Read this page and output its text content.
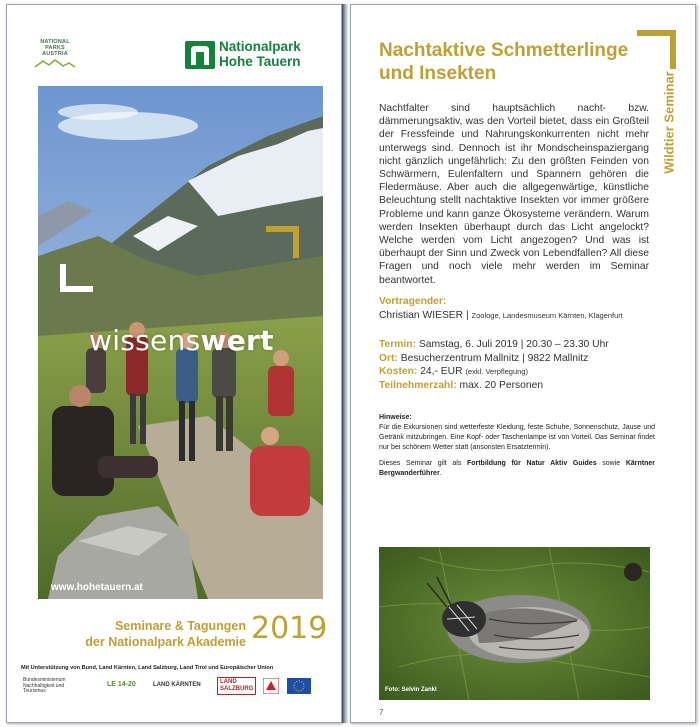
NATIONAL PARKS AUSTRIA	Nationalpark
Hohe Tauern
wissenswert
www.hohetauern.at
Seminare & Tagungen
der Nationalpark Akademie 2019
Mit Unterstützung von Bund, Land Kärnten, Land Salzburg, Land Tirol und Europäischer Union
Bundesministerium Nachhaltigkeit und Tourismus
LE 14-20	LAND KÄRNTEN	LAND
SALZBURG
Wildtier Seminar
Nachtaktive Schmetterlinge
und Insekten
Nachtfalter sind hauptsächlich nacht- bzw. dämmerungsaktiv, was den Vorteil bietet, dass ein Großteil der Fressfeinde und Nahrungskonkurrenten nicht mehr unterwegs sind. Dennoch ist ihr Mondscheinspaziergang nicht gänzlich ungefährlich: Zu den größten Feinden von Schwärmern, Eulenfaltern und Spannern gehören die Fledermäuse. Aber auch die allgegenwärtige, künstliche Beleuchtung stellt nachtaktive Insekten vor immer größere Probleme und kann ganze Ökosysteme verändern. Warum werden Insekten überhaupt durch das Licht angelockt? Welche werden vom Licht angezogen? Und was ist überhaupt der Sinn und Zweck von Lebendfallen? All diese Fragen und noch viele mehr werden im Seminar beantwortet.
Vortragender:
Christian WIESER | Zoologe, Landesmuseum Kärnten, Klagenfurt
Termin: Samstag, 6. Juli 2019 | 20.30 – 23.30 Uhr
Ort: Besucherzentrum Mallnitz | 9822 Mallnitz
Kosten: 24,- EUR (exkl. Verpflegung)
Teilnehmerzahl: max. 20 Personen
Hinweise:
Für die Exkursionen sind wetterfeste Kleidung, feste Schuhe, Sonnenschutz, Jause und Getränk mitzubringen. Eine Kopf- oder Taschenlampe ist von Vorteil. Das Seminar findet nur bei schönem Wetter statt (ansonsten Ersatztermin).
Dieses Seminar gilt als Fortbildung für Natur Aktiv Guides sowie Kärntner Bergwanderführer.
Foto: Selvin Zankl
7
